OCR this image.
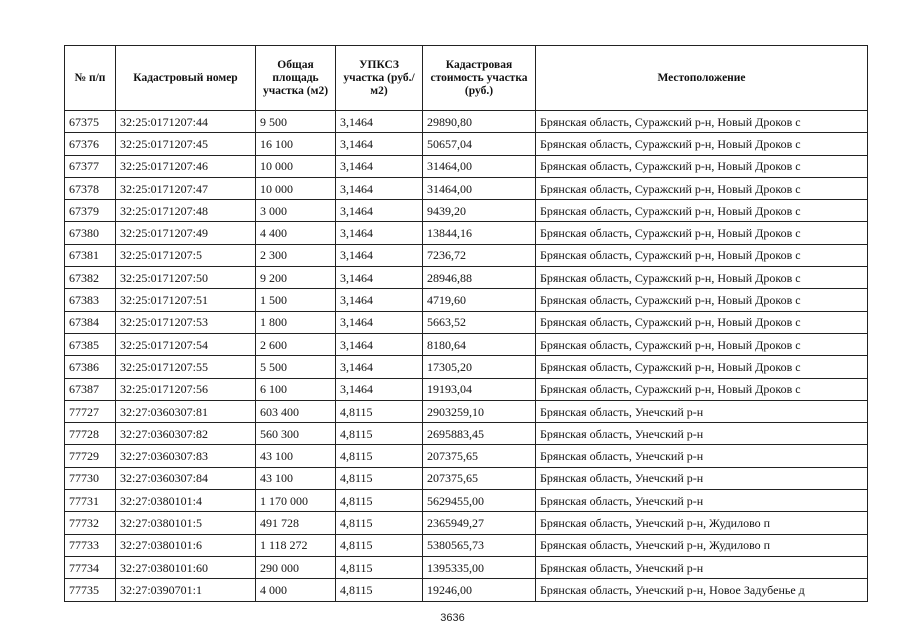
№ п/п	Кадастровый номер	Общая площадь участка (м2)	УПКСЗ участка (руб./м2)	Кадастровая стоимость участка (руб.)	Местоположение
67375	32:25:0171207:44	9 500	3,1464	29890,80	Брянская область, Суражский р-н, Новый Дроков с
67376	32:25:0171207:45	16 100	3,1464	50657,04	Брянская область, Суражский р-н, Новый Дроков с
67377	32:25:0171207:46	10 000	3,1464	31464,00	Брянская область, Суражский р-н, Новый Дроков с
67378	32:25:0171207:47	10 000	3,1464	31464,00	Брянская область, Суражский р-н, Новый Дроков с
67379	32:25:0171207:48	3 000	3,1464	9439,20	Брянская область, Суражский р-н, Новый Дроков с
67380	32:25:0171207:49	4 400	3,1464	13844,16	Брянская область, Суражский р-н, Новый Дроков с
67381	32:25:0171207:5	2 300	3,1464	7236,72	Брянская область, Суражский р-н, Новый Дроков с
67382	32:25:0171207:50	9 200	3,1464	28946,88	Брянская область, Суражский р-н, Новый Дроков с
67383	32:25:0171207:51	1 500	3,1464	4719,60	Брянская область, Суражский р-н, Новый Дроков с
67384	32:25:0171207:53	1 800	3,1464	5663,52	Брянская область, Суражский р-н, Новый Дроков с
67385	32:25:0171207:54	2 600	3,1464	8180,64	Брянская область, Суражский р-н, Новый Дроков с
67386	32:25:0171207:55	5 500	3,1464	17305,20	Брянская область, Суражский р-н, Новый Дроков с
67387	32:25:0171207:56	6 100	3,1464	19193,04	Брянская область, Суражский р-н, Новый Дроков с
77727	32:27:0360307:81	603 400	4,8115	2903259,10	Брянская область, Унечский р-н
77728	32:27:0360307:82	560 300	4,8115	2695883,45	Брянская область, Унечский р-н
77729	32:27:0360307:83	43 100	4,8115	207375,65	Брянская область, Унечский р-н
77730	32:27:0360307:84	43 100	4,8115	207375,65	Брянская область, Унечский р-н
77731	32:27:0380101:4	1 170 000	4,8115	5629455,00	Брянская область, Унечский р-н
77732	32:27:0380101:5	491 728	4,8115	2365949,27	Брянская область, Унечский р-н, Жудилово п
77733	32:27:0380101:6	1 118 272	4,8115	5380565,73	Брянская область, Унечский р-н, Жудилово п
77734	32:27:0380101:60	290 000	4,8115	1395335,00	Брянская область, Унечский р-н
77735	32:27:0390701:1	4 000	4,8115	19246,00	Брянская область, Унечский р-н, Новое Задубенье д
3636
